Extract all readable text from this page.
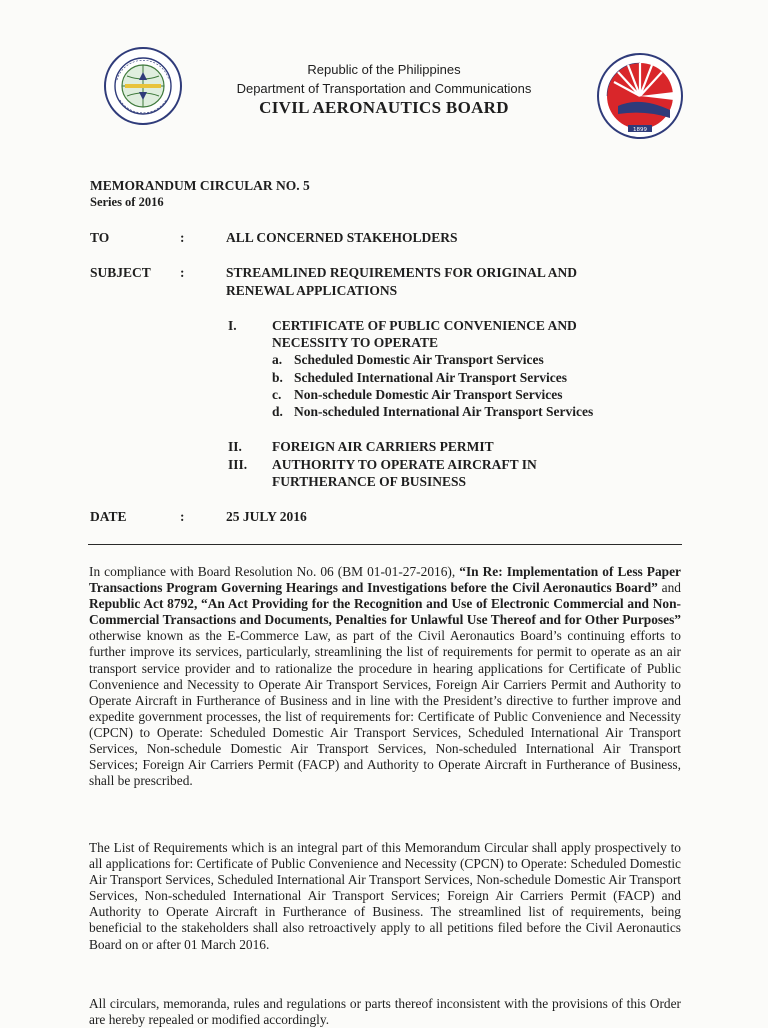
1899
Republic of the Philippines
Department of Transportation and Communications
CIVIL AERONAUTICS BOARD
MEMORANDUM CIRCULAR NO. 5
Series of 2016
TO	:	ALL CONCERNED STAKEHOLDERS
SUBJECT :	STREAMLINED REQUIREMENTS FOR ORIGINAL AND
RENEWAL APPLICATIONS
I.	CERTIFICATE OF PUBLIC CONVENIENCE AND
NECESSITY TO OPERATE
a. Scheduled Domestic Air Transport Services
b. Scheduled International Air Transport Services
c. Non-schedule Domestic Air Transport Services
d. Non-scheduled International Air Transport Services
II. FOREIGN AIR CARRIERS PERMIT
III. AUTHORITY TO OPERATE AIRCRAFT IN
FURTHERANCE OF BUSINESS
DATE	:	25 JULY 2016

In compliance with Board Resolution No. 06 (BM 01-01-27-2016), “In Re: Implementation of Less Paper Transactions Program Governing Hearings and Investigations before the Civil Aeronautics Board” and Republic Act 8792, “An Act Providing for the Recognition and Use of Electronic Commercial and Non-Commercial Transactions and Documents, Penalties for Unlawful Use Thereof and for Other Purposes” otherwise known as the E-Commerce Law, as part of the Civil Aeronautics Board’s continuing efforts to further improve its services, particularly, streamlining the list of requirements for permit to operate as an air transport service provider and to rationalize the procedure in hearing applications for Certificate of Public Convenience and Necessity to Operate Air Transport Services, Foreign Air Carriers Permit and Authority to Operate Aircraft in Furtherance of Business and in line with the President’s directive to further improve and expedite government processes, the list of requirements for: Certificate of Public Convenience and Necessity (CPCN) to Operate: Scheduled Domestic Air Transport Services, Scheduled International Air Transport Services, Non-schedule Domestic Air Transport Services, Non-scheduled International Air Transport Services; Foreign Air Carriers Permit (FACP) and Authority to Operate Aircraft in Furtherance of Business, shall be prescribed.

The List of Requirements which is an integral part of this Memorandum Circular shall apply prospectively to all applications for: Certificate of Public Convenience and Necessity (CPCN) to Operate: Scheduled Domestic Air Transport Services, Scheduled International Air Transport Services, Non-schedule Domestic Air Transport Services, Non-scheduled International Air Transport Services; Foreign Air Carriers Permit (FACP) and Authority to Operate Aircraft in Furtherance of Business. The streamlined list of requirements, being beneficial to the stakeholders shall also retroactively apply to all petitions filed before the Civil Aeronautics Board on or after 01 March 2016.

All circulars, memoranda, rules and regulations or parts thereof inconsistent with the provisions of this Order are hereby repealed or modified accordingly.
